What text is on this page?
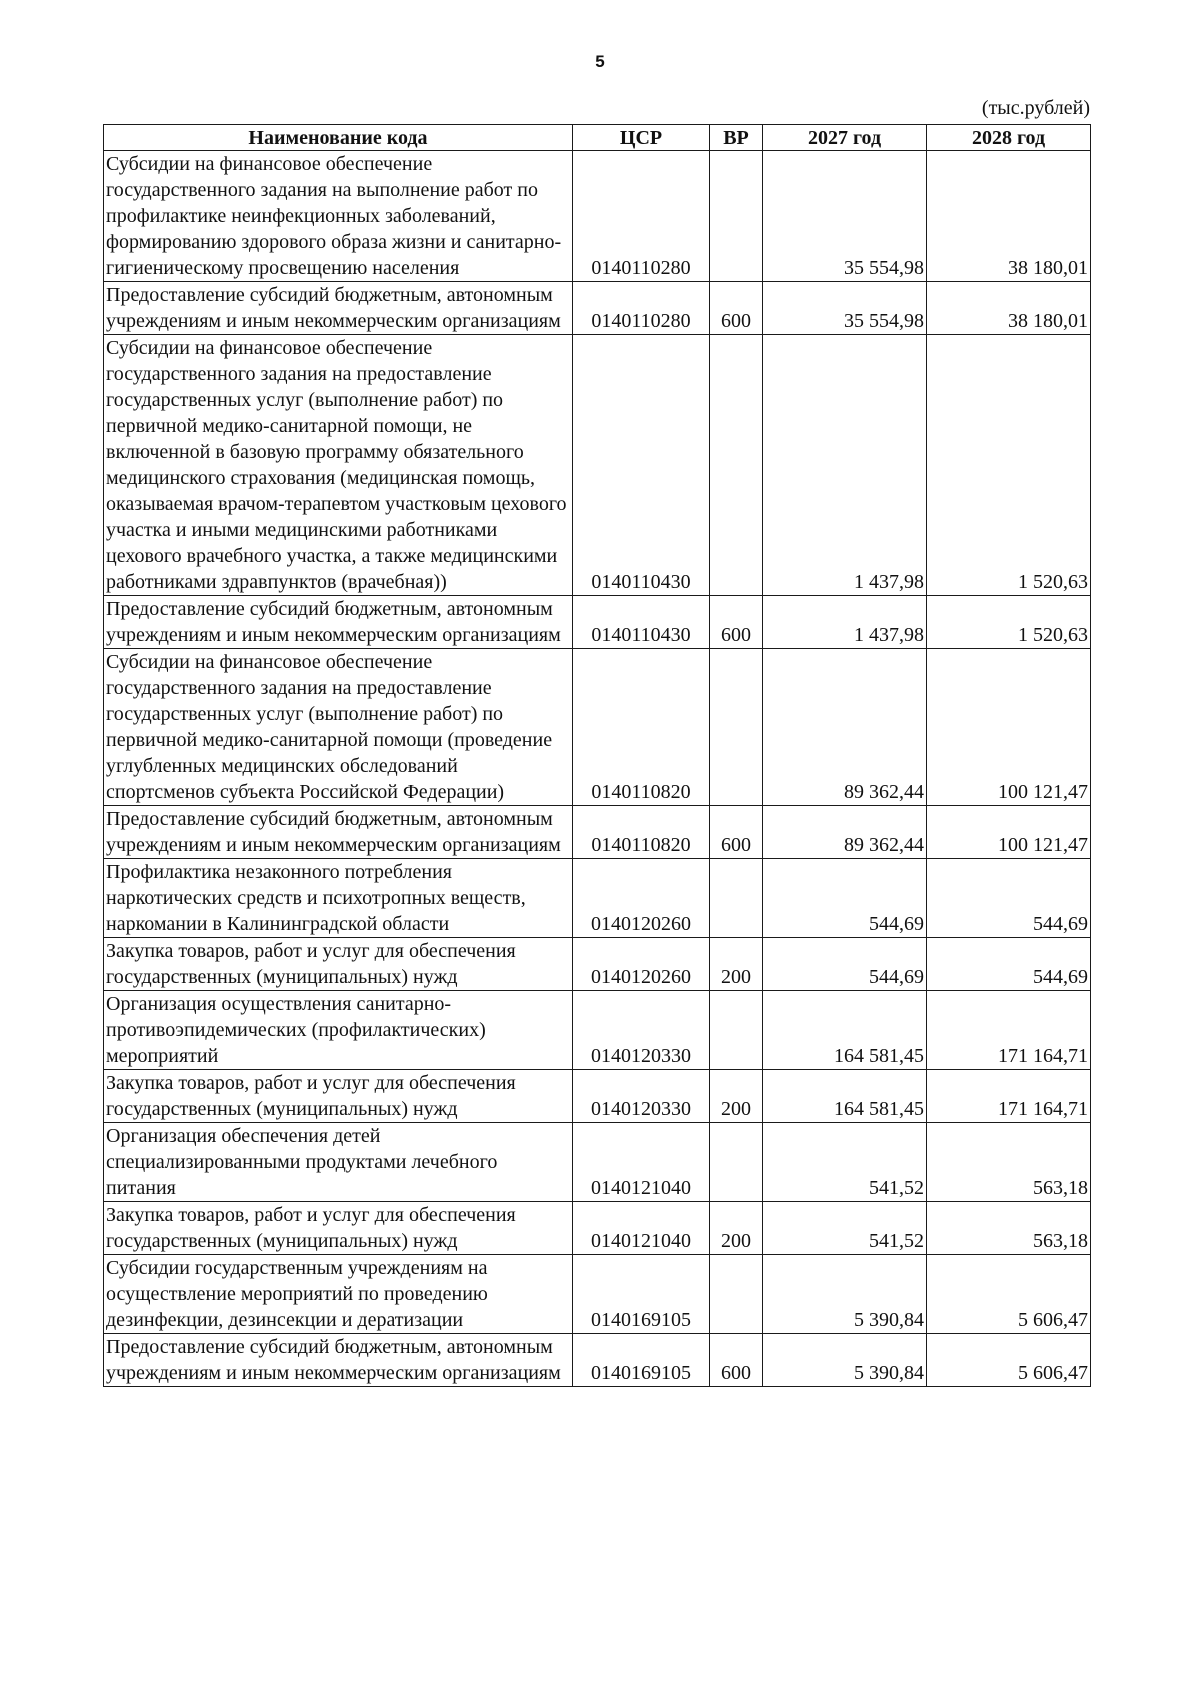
5
(тыс.рублей)
Наименование кода	ЦСР	ВР	2027 год	2028 год
Субсидии на финансовое обеспечение государственного задания на выполнение работ по профилактике неинфекционных заболеваний, формированию здорового образа жизни и санитарно-гигиеническому просвещению населения	0140110280		35 554,98	38 180,01
Предоставление субсидий бюджетным, автономным учреждениям и иным некоммерческим организациям	0140110280	600	35 554,98	38 180,01
Субсидии на финансовое обеспечение государственного задания на предоставление государственных услуг (выполнение работ) по первичной медико-санитарной помощи, не включенной в базовую программу обязательного медицинского страхования (медицинская помощь, оказываемая врачом-терапевтом участковым цехового участка и иными медицинскими работниками цехового врачебного участка, а также медицинскими работниками здравпунктов (врачебная))	0140110430		1 437,98	1 520,63
Предоставление субсидий бюджетным, автономным учреждениям и иным некоммерческим организациям	0140110430	600	1 437,98	1 520,63
Субсидии на финансовое обеспечение государственного задания на предоставление государственных услуг (выполнение работ) по первичной медико-санитарной помощи (проведение углубленных медицинских обследований спортсменов субъекта Российской Федерации)	0140110820		89 362,44	100 121,47
Предоставление субсидий бюджетным, автономным учреждениям и иным некоммерческим организациям	0140110820	600	89 362,44	100 121,47
Профилактика незаконного потребления наркотических средств и психотропных веществ, наркомании в Калининградской области	0140120260		544,69	544,69
Закупка товаров, работ и услуг для обеспечения государственных (муниципальных) нужд	0140120260	200	544,69	544,69
Организация осуществления санитарно-противоэпидемических (профилактических) мероприятий	0140120330		164 581,45	171 164,71
Закупка товаров, работ и услуг для обеспечения государственных (муниципальных) нужд	0140120330	200	164 581,45	171 164,71
Организация обеспечения детей специализированными продуктами лечебного питания	0140121040		541,52	563,18
Закупка товаров, работ и услуг для обеспечения государственных (муниципальных) нужд	0140121040	200	541,52	563,18
Субсидии государственным учреждениям на осуществление мероприятий по проведению дезинфекции, дезинсекции и дератизации	0140169105		5 390,84	5 606,47
Предоставление субсидий бюджетным, автономным учреждениям и иным некоммерческим организациям	0140169105	600	5 390,84	5 606,47
